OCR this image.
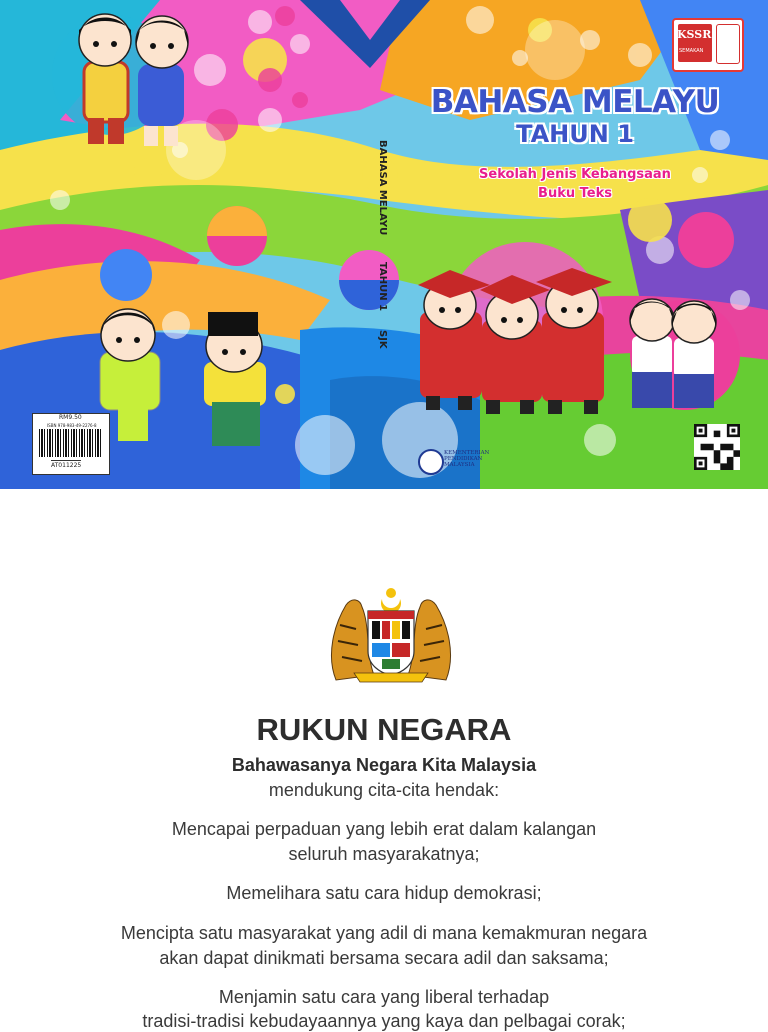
BAHASA MELAYU
TAHUN 1
Sekolah Jenis Kebangsaan
Buku Teks
BAHASA MELAYU
TAHUN 1
SJK
KSSR
SEMAKAN
RM9.50
ISBN 978-983-49-2276-8
AT011225
KEMENTERIAN
PENDIDIKAN
MALAYSIA
RUKUN NEGARA
Bahawasanya Negara Kita Malaysia
mendukung cita-cita hendak:
Mencapai perpaduan yang lebih erat dalam kalangan
seluruh masyarakatnya;
Memelihara satu cara hidup demokrasi;
Mencipta satu masyarakat yang adil di mana kemakmuran negara
akan dapat dinikmati bersama secara adil dan saksama;
Menjamin satu cara yang liberal terhadap
tradisi-tradisi kebudayaannya yang kaya dan pelbagai corak;
